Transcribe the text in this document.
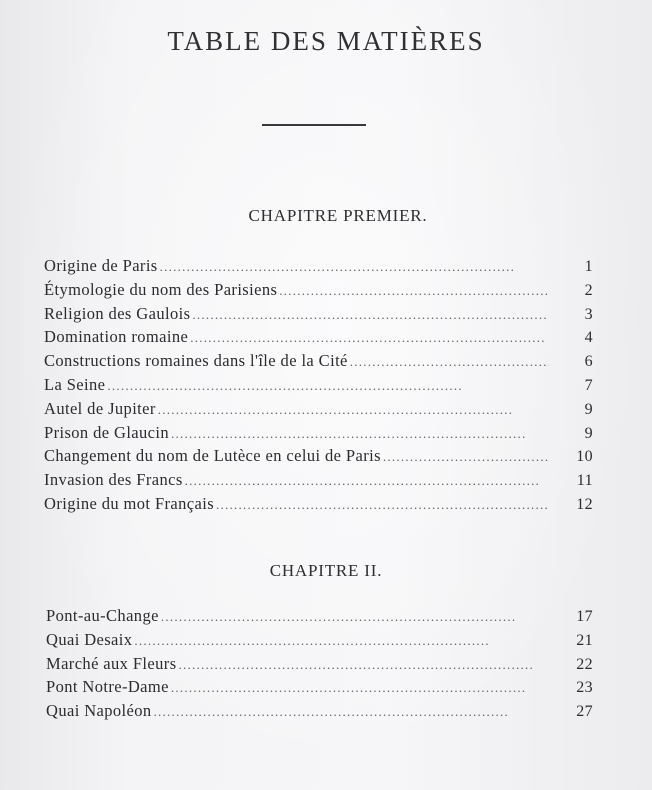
TABLE DES MATIÈRES
CHAPITRE PREMIER.
Origine de Paris . . .	1
Étymologie du nom des Parisiens . . .	2
Religion des Gaulois . . .	3
Domination romaine . . .	4
Constructions romaines dans l'île de la Cité . . .	6
La Seine . . .	7
Autel de Jupiter . . .	9
Prison de Glaucin . . .	9
Changement du nom de Lutèce en celui de Paris . . .	10
Invasion des Francs . . .	11
Origine du mot Français . . .	12
CHAPITRE II.
Pont-au-Change . . .	17
Quai Desaix . . .	21
Marché aux Fleurs . . .	22
Pont Notre-Dame . . .	23
Quai Napoléon . . .	27
